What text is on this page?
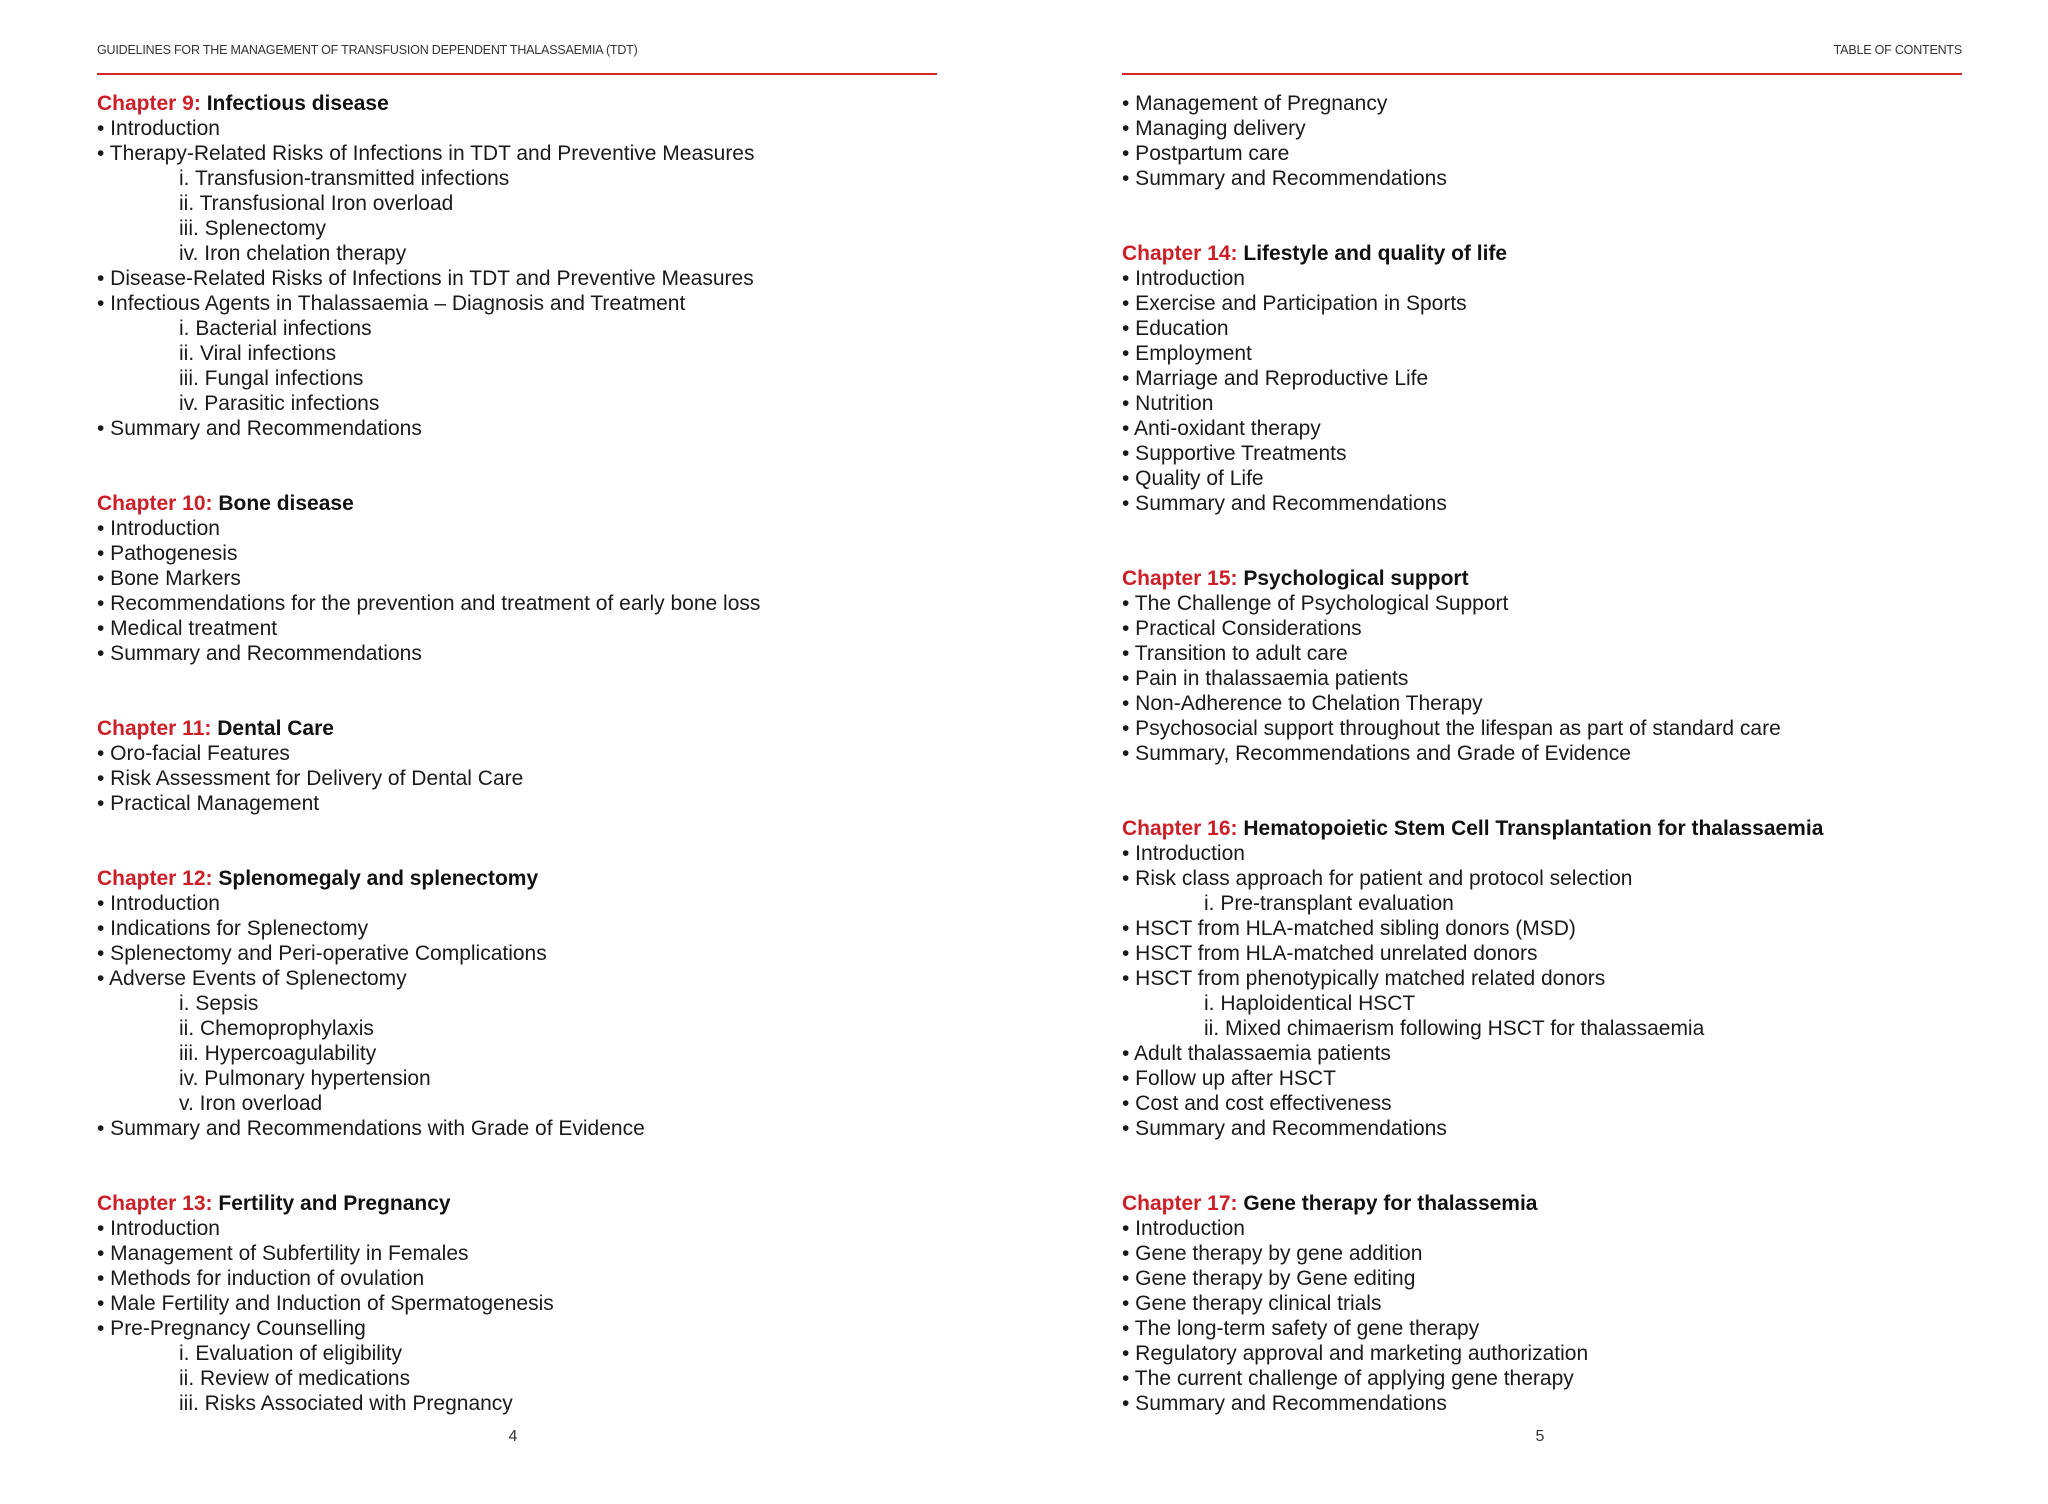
GUIDELINES FOR THE MANAGEMENT OF TRANSFUSION DEPENDENT THALASSAEMIA (TDT)
Chapter 9: Infectious disease
• Introduction
• Therapy-Related Risks of Infections in TDT and Preventive Measures
i. Transfusion-transmitted infections
ii. Transfusional Iron overload
iii. Splenectomy
iv. Iron chelation therapy
• Disease-Related Risks of Infections in TDT and Preventive Measures
• Infectious Agents in Thalassaemia – Diagnosis and Treatment
i. Bacterial infections
ii. Viral infections
iii. Fungal infections
iv. Parasitic infections
• Summary and Recommendations
Chapter 10: Bone disease
• Introduction
• Pathogenesis
• Bone Markers
• Recommendations for the prevention and treatment of early bone loss
• Medical treatment
• Summary and Recommendations
Chapter 11: Dental Care
• Oro-facial Features
• Risk Assessment for Delivery of Dental Care
• Practical Management
Chapter 12: Splenomegaly and splenectomy
• Introduction
• Indications for Splenectomy
• Splenectomy and Peri-operative Complications
• Adverse Events of Splenectomy
i. Sepsis
ii. Chemoprophylaxis
iii. Hypercoagulability
iv. Pulmonary hypertension
v. Iron overload
• Summary and Recommendations with Grade of Evidence
Chapter 13: Fertility and Pregnancy
• Introduction
• Management of Subfertility in Females
• Methods for induction of ovulation
• Male Fertility and Induction of Spermatogenesis
• Pre-Pregnancy Counselling
i. Evaluation of eligibility
ii. Review of medications
iii. Risks Associated with Pregnancy
4
TABLE OF CONTENTS
• Management of Pregnancy
• Managing delivery
• Postpartum care
• Summary and Recommendations
Chapter 14: Lifestyle and quality of life
• Introduction
• Exercise and Participation in Sports
• Education
• Employment
• Marriage and Reproductive Life
• Nutrition
• Anti-oxidant therapy
• Supportive Treatments
• Quality of Life
• Summary and Recommendations
Chapter 15: Psychological support
• The Challenge of Psychological Support
• Practical Considerations
• Transition to adult care
• Pain in thalassaemia patients
• Non-Adherence to Chelation Therapy
• Psychosocial support throughout the lifespan as part of standard care
• Summary, Recommendations and Grade of Evidence
Chapter 16: Hematopoietic Stem Cell Transplantation for thalassaemia
• Introduction
• Risk class approach for patient and protocol selection
i. Pre-transplant evaluation
• HSCT from HLA-matched sibling donors (MSD)
• HSCT from HLA-matched unrelated donors
• HSCT from phenotypically matched related donors
i. Haploidentical HSCT
ii. Mixed chimaerism following HSCT for thalassaemia
• Adult thalassaemia patients
• Follow up after HSCT
• Cost and cost effectiveness
• Summary and Recommendations
Chapter 17: Gene therapy for thalassemia
• Introduction
• Gene therapy by gene addition
• Gene therapy by Gene editing
• Gene therapy clinical trials
• The long-term safety of gene therapy
• Regulatory approval and marketing authorization
• The current challenge of applying gene therapy
• Summary and Recommendations
5
